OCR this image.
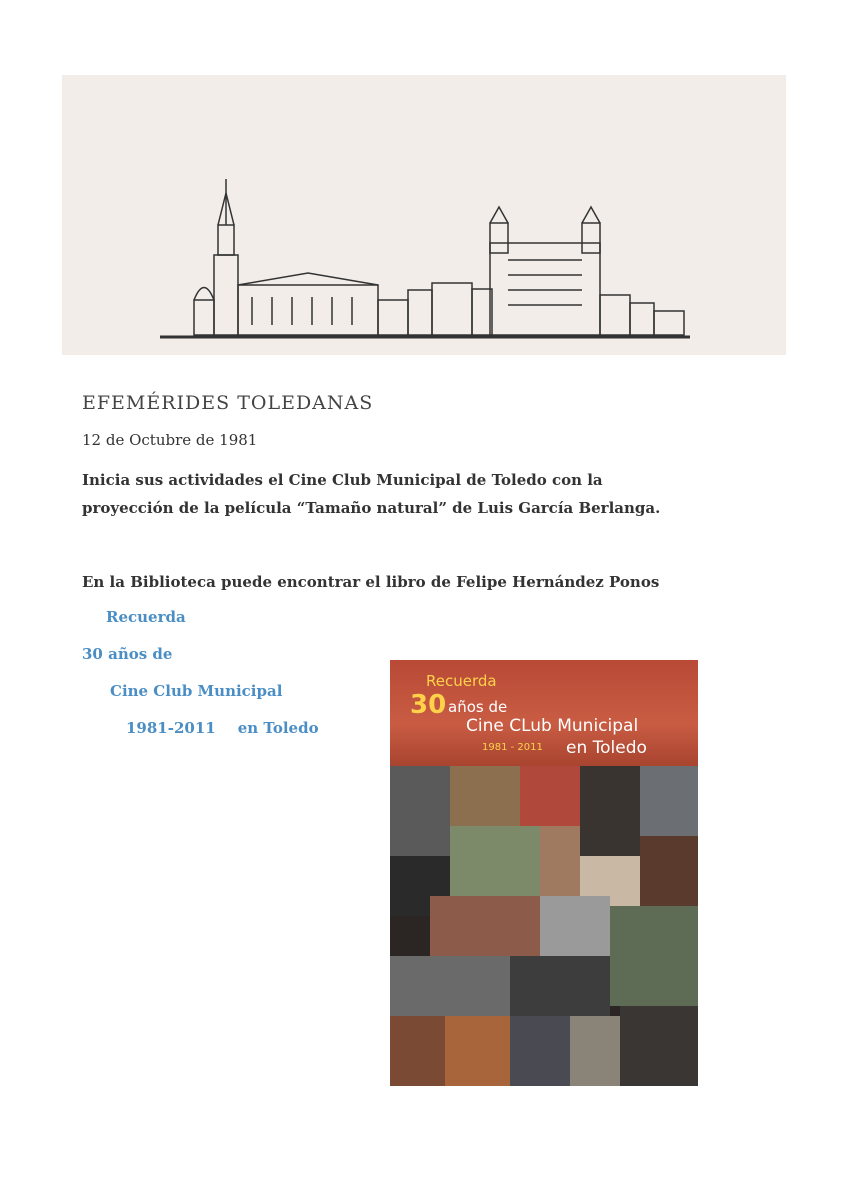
EFEMÉRIDES TOLEDANAS
12 de Octubre de 1981
Inicia sus actividades el Cine Club Municipal de Toledo con la
proyección de la película “Tamaño natural” de Luis García Berlanga.
En la Biblioteca puede encontrar el libro de Felipe Hernández Ponos
Recuerda
30 años de
Cine Club Municipal
1981-2011 en Toledo
Recuerda
30 años de
Cine CLub Municipal
1981 - 2011 en Toledo
